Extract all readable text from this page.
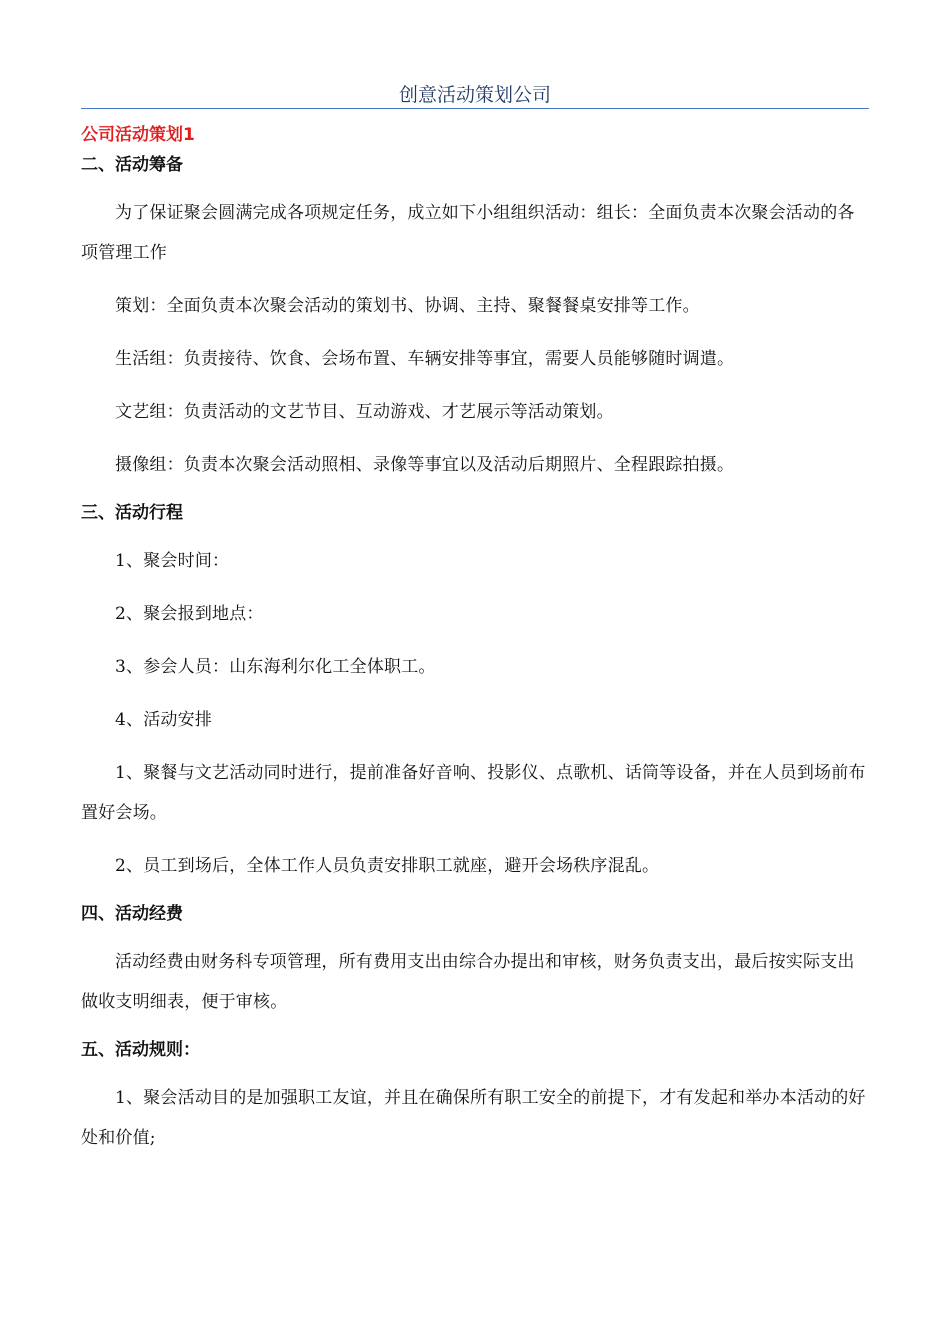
创意活动策划公司

公司活动策划1

二、活动筹备

为了保证聚会圆满完成各项规定任务，成立如下小组组织活动：组长：全面负责本次聚会活动的各项管理工作

策划：全面负责本次聚会活动的策划书、协调、主持、聚餐餐桌安排等工作。

生活组：负责接待、饮食、会场布置、车辆安排等事宜，需要人员能够随时调遣。

文艺组：负责活动的文艺节目、互动游戏、才艺展示等活动策划。

摄像组：负责本次聚会活动照相、录像等事宜以及活动后期照片、全程跟踪拍摄。

三、活动行程

1、聚会时间：

2、聚会报到地点：

3、参会人员：山东海利尔化工全体职工。

4、活动安排

1、聚餐与文艺活动同时进行，提前准备好音响、投影仪、点歌机、话筒等设备，并在人员到场前布置好会场。

2、员工到场后，全体工作人员负责安排职工就座，避开会场秩序混乱。

四、活动经费

活动经费由财务科专项管理，所有费用支出由综合办提出和审核，财务负责支出，最后按实际支出做收支明细表，便于审核。

五、活动规则：

1、聚会活动目的是加强职工友谊，并且在确保所有职工安全的前提下，才有发起和举办本活动的好处和价值;
